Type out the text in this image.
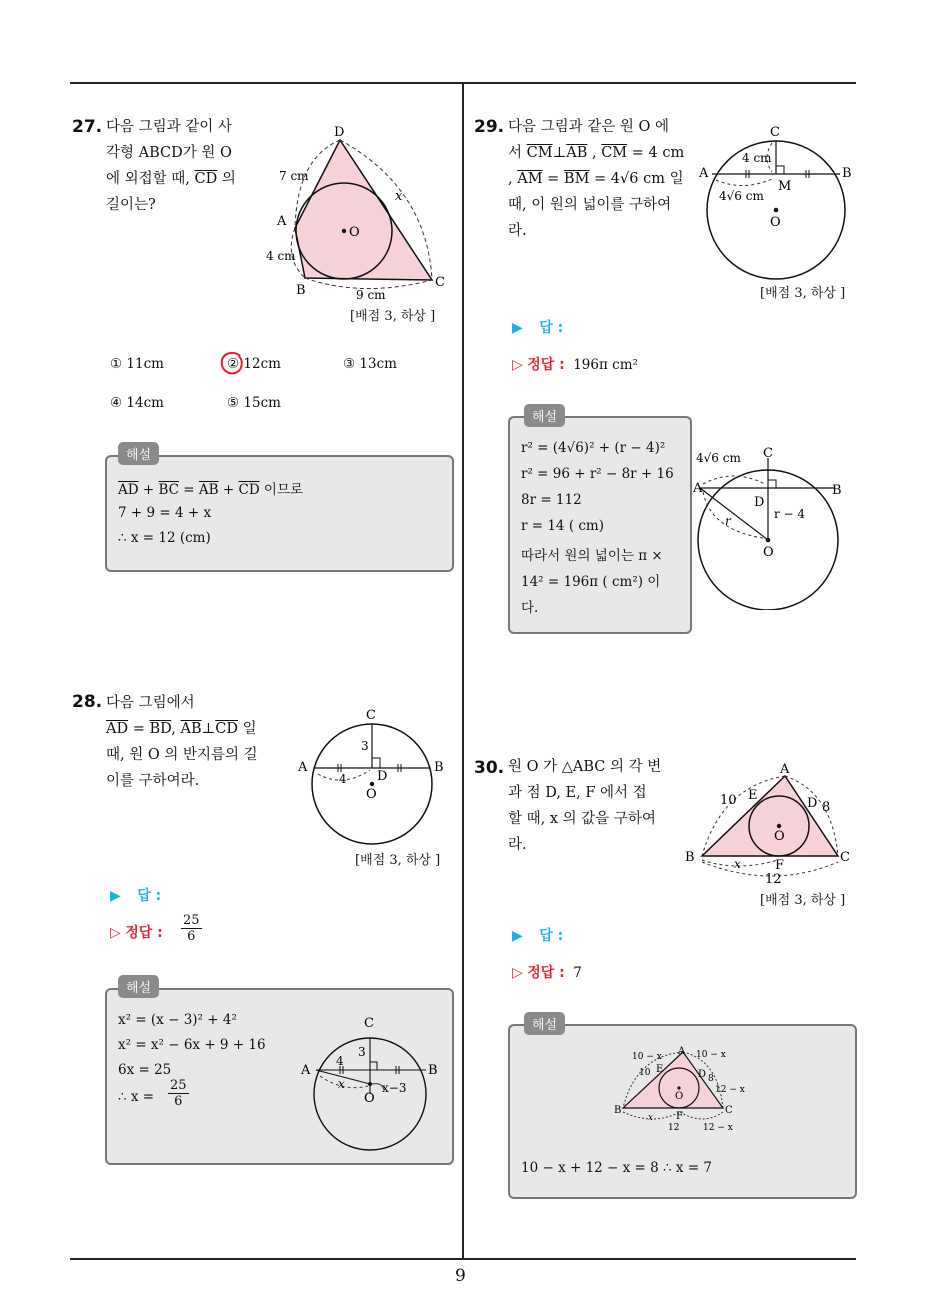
9
27. 다음 그림과 같이 사
각형 ABCD가 원 O
에 외접할 때, $\overline{CD}$ 의
길이는?
D
A
B
C
O
7 cm
4 cm
9 cm
x
[배점 3, 하상 ]
① 11cm	② 12cm	③ 13cm
④ 14cm	⑤ 15cm
해설
$\overline{AD} + \overline{BC} = \overline{AB} + \overline{CD}$ 이므로
7 + 9 = 4 + x
∴ x = 12 (cm)
28. 다음 그림에서
$\overline{AD} = \overline{BD}$, $\overline{AB}\perp\overline{CD}$ 일
때, 원 O 의 반지름의 길
이를 구하여라.
C
A	B
D
O
3
4
[배점 3, 하상 ]
▶ 답 :
▷ 정답 :
25
6
해설
x² = (x − 3)² + 4²
x² = x² − 6x + 9 + 16
6x = 25
∴ x =
25
6
C
A	B
O
3
4
x	x−3
29. 다음 그림과 같은 원 O 에
서 $\overline{CM}\perp\overline{AB}$ , $\overline{CM} = 4$ cm
, $\overline{AM} = \overline{BM} = 4√6$ cm 일
때, 이 원의 넓이를 구하여
라.
C
A	B
M
O
4 cm
4√6 cm
[배점 3, 하상 ]
▶ 답 :
▷ 정답 : 196π cm²
해설
r² = (4√6)² + (r − 4)²
r² = 96 + r² − 8r + 16
8r = 112
r = 14 ( cm)
따라서 원의 넓이는 π ×
14² = 196π ( cm²) 이
다.
C
A	B
D
O
4√6 cm
r	r − 4
30. 원 O 가 △ABC 의 각 변
과 점 D, E, F 에서 접
할 때, x 의 값을 구하여
라.
A
B	C
D
E
F
O
10	8
x
12
[배점 3, 하상 ]
▶ 답 :
▷ 정답 : 7
해설
A
B	C
D
E
F
O
10 − x	10 − x
10
8
12 − x
x
12	12 − x
10 − x + 12 − x = 8 ∴ x = 7
